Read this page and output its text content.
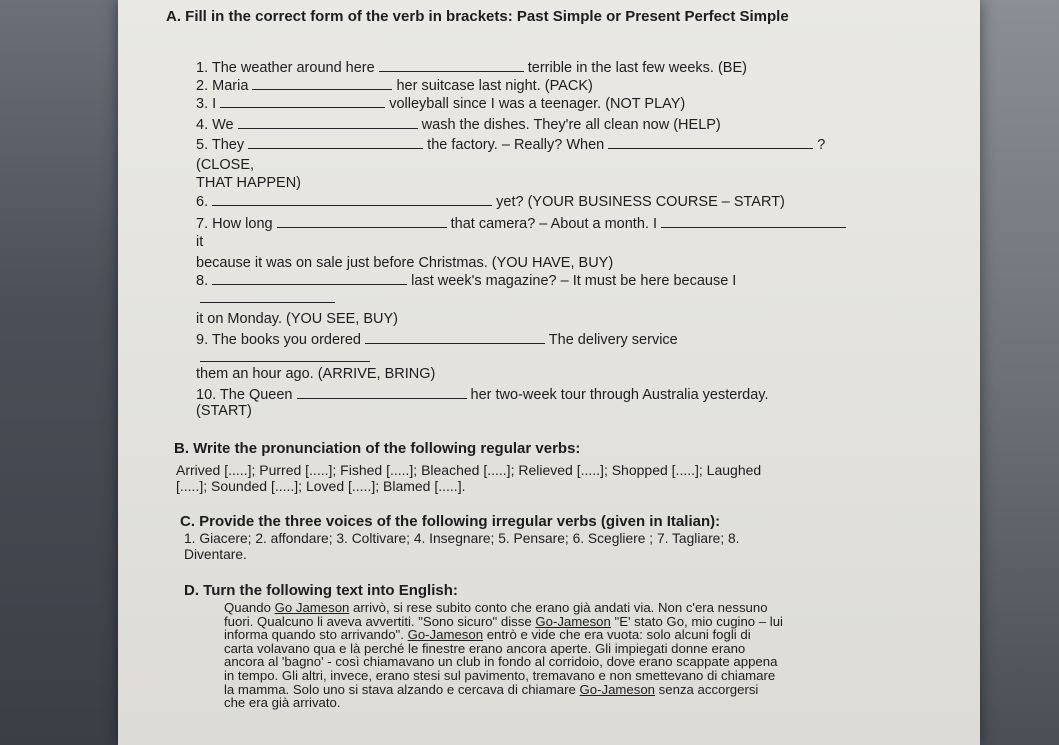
A. Fill in the correct form of the verb in brackets: Past Simple or Present Perfect Simple
1. The weather around here	terrible in the last few weeks. (BE)
2. Maria	her suitcase last night. (PACK)
3. I	volleyball since I was a teenager. (NOT PLAY)
4. We	wash the dishes. They're all clean now (HELP)
5. They	the factory. – Really? When	?
(CLOSE,
THAT HAPPEN)
6.	yet? (YOUR BUSINESS COURSE – START)
7. How long	that camera? – About a month. I
it
because it was on sale just before Christmas. (YOU HAVE, BUY)
8.	last week's magazine? – It must be here because I
it on Monday. (YOU SEE, BUY)
9. The books you ordered	The delivery service
them an hour ago. (ARRIVE, BRING)
10. The Queen	her two-week tour through Australia yesterday.
(START)
B. Write the pronunciation of the following regular verbs:
Arrived [.....]; Purred [.....]; Fished [.....]; Bleached [.....]; Relieved [.....]; Shopped [.....]; Laughed
[.....]; Sounded [.....]; Loved [.....]; Blamed [.....].
C. Provide the three voices of the following irregular verbs (given in Italian):
1. Giacere; 2. affondare; 3. Coltivare; 4. Insegnare; 5. Pensare; 6. Scegliere ; 7. Tagliare; 8.
Diventare.
D. Turn the following text into English:
Quando Go Jameson arrivò, si rese subito conto che erano già andati via. Non c'era nessuno
fuori. Qualcuno li aveva avvertiti. "Sono sicuro" disse Go-Jameson "E' stato Go, mio cugino – lui
informa quando sto arrivando". Go-Jameson entrò e vide che era vuota: solo alcuni fogli di
carta volavano qua e là perché le finestre erano ancora aperte. Gli impiegati donne erano
ancora al 'bagno' - così chiamavano un club in fondo al corridoio, dove erano scappate appena
in tempo. Gli altri, invece, erano stesi sul pavimento, tremavano e non smettevano di chiamare
la mamma. Solo uno si stava alzando e cercava di chiamare Go-Jameson senza accorgersi
che era già arrivato.
